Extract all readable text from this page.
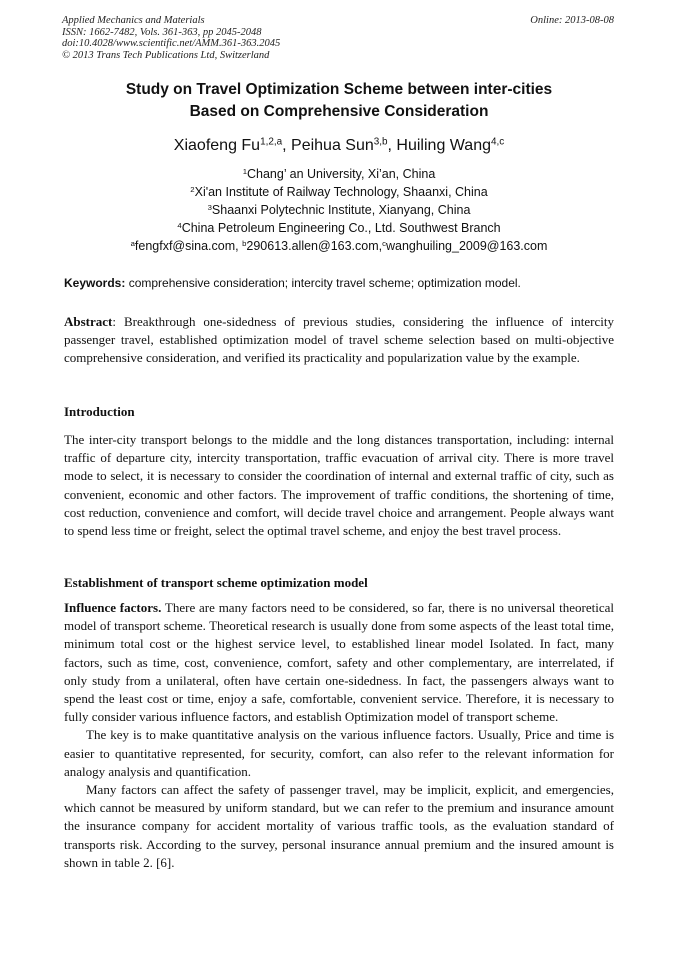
Applied Mechanics and Materials
ISSN: 1662-7482, Vols. 361-363, pp 2045-2048
doi:10.4028/www.scientific.net/AMM.361-363.2045
© 2013 Trans Tech Publications Ltd, Switzerland
Online: 2013-08-08
Study on Travel Optimization Scheme between inter-cities
Based on Comprehensive Consideration
Xiaofeng Fu$^{1,2,a}$, Peihua Sun$^{3,b}$, Huiling Wang$^{4,c}$
$^1$Chang’ an University, Xi’an, China
$^2$Xi'an Institute of Railway Technology, Shaanxi, China
$^3$Shaanxi Polytechnic Institute, Xianyang, China
$^4$China Petroleum Engineering Co., Ltd. Southwest Branch
$^a$fengfxf@sina.com, $^b$290613.allen@163.com,$^c$wanghuiling_2009@163.com
Keywords: comprehensive consideration; intercity travel scheme; optimization model.

Abstract: Breakthrough one-sidedness of previous studies, considering the influence of intercity passenger travel, established optimization model of travel scheme selection based on multi-objective comprehensive consideration, and verified its practicality and popularization value by the example.

Introduction

The inter-city transport belongs to the middle and the long distances transportation, including: internal traffic of departure city, intercity transportation, traffic evacuation of arrival city. There is more travel mode to select, it is necessary to consider the coordination of internal and external traffic of city, such as convenient, economic and other factors. The improvement of traffic conditions, the shortening of time, cost reduction, convenience and comfort, will decide travel choice and arrangement. People always want to spend less time or freight, select the optimal travel scheme, and enjoy the best travel process.

Establishment of transport scheme optimization model

Influence factors. There are many factors need to be considered, so far, there is no universal theoretical model of transport scheme. Theoretical research is usually done from some aspects of the least total time, minimum total cost or the highest service level, to established linear model Isolated. In fact, many factors, such as time, cost, convenience, comfort, safety and other complementary, are interrelated, if only study from a unilateral, often have certain one-sidedness. In fact, the passengers always want to spend the least cost or time, enjoy a safe, comfortable, convenient service. Therefore, it is necessary to fully consider various influence factors, and establish Optimization model of transport scheme.

The key is to make quantitative analysis on the various influence factors. Usually, Price and time is easier to quantitative represented, for security, comfort, can also refer to the relevant information for analogy analysis and quantification.

Many factors can affect the safety of passenger travel, may be implicit, explicit, and emergencies, which cannot be measured by uniform standard, but we can refer to the premium and insurance amount the insurance company for accident mortality of various traffic tools, as the evaluation standard of transports risk. According to the survey, personal insurance annual premium and the insured amount is shown in table 2. [6].
